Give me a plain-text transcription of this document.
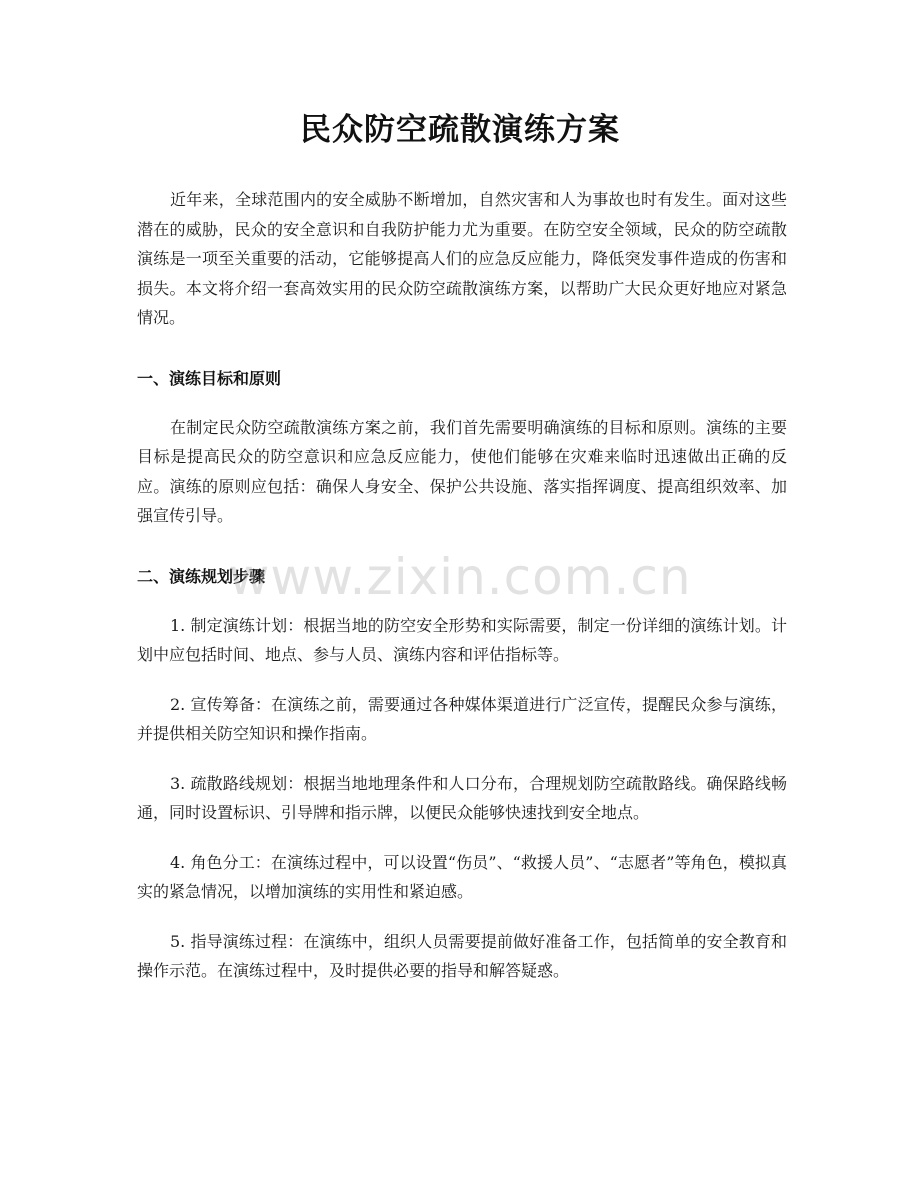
民众防空疏散演练方案

近年来，全球范围内的安全威胁不断增加，自然灾害和人为事故也时有发生。面对这些潜在的威胁，民众的安全意识和自我防护能力尤为重要。在防空安全领域，民众的防空疏散演练是一项至关重要的活动，它能够提高人们的应急反应能力，降低突发事件造成的伤害和损失。本文将介绍一套高效实用的民众防空疏散演练方案，以帮助广大民众更好地应对紧急情况。

一、演练目标和原则

在制定民众防空疏散演练方案之前，我们首先需要明确演练的目标和原则。演练的主要目标是提高民众的防空意识和应急反应能力，使他们能够在灾难来临时迅速做出正确的反应。演练的原则应包括：确保人身安全、保护公共设施、落实指挥调度、提高组织效率、加强宣传引导。

二、演练规划步骤

1. 制定演练计划：根据当地的防空安全形势和实际需要，制定一份详细的演练计划。计划中应包括时间、地点、参与人员、演练内容和评估指标等。

2. 宣传筹备：在演练之前，需要通过各种媒体渠道进行广泛宣传，提醒民众参与演练，并提供相关防空知识和操作指南。

3. 疏散路线规划：根据当地地理条件和人口分布，合理规划防空疏散路线。确保路线畅通，同时设置标识、引导牌和指示牌，以便民众能够快速找到安全地点。

4. 角色分工：在演练过程中，可以设置“伤员”、“救援人员”、“志愿者”等角色，模拟真实的紧急情况，以增加演练的实用性和紧迫感。

5. 指导演练过程：在演练中，组织人员需要提前做好准备工作，包括简单的安全教育和操作示范。在演练过程中，及时提供必要的指导和解答疑惑。

www.zixin.com.cn
